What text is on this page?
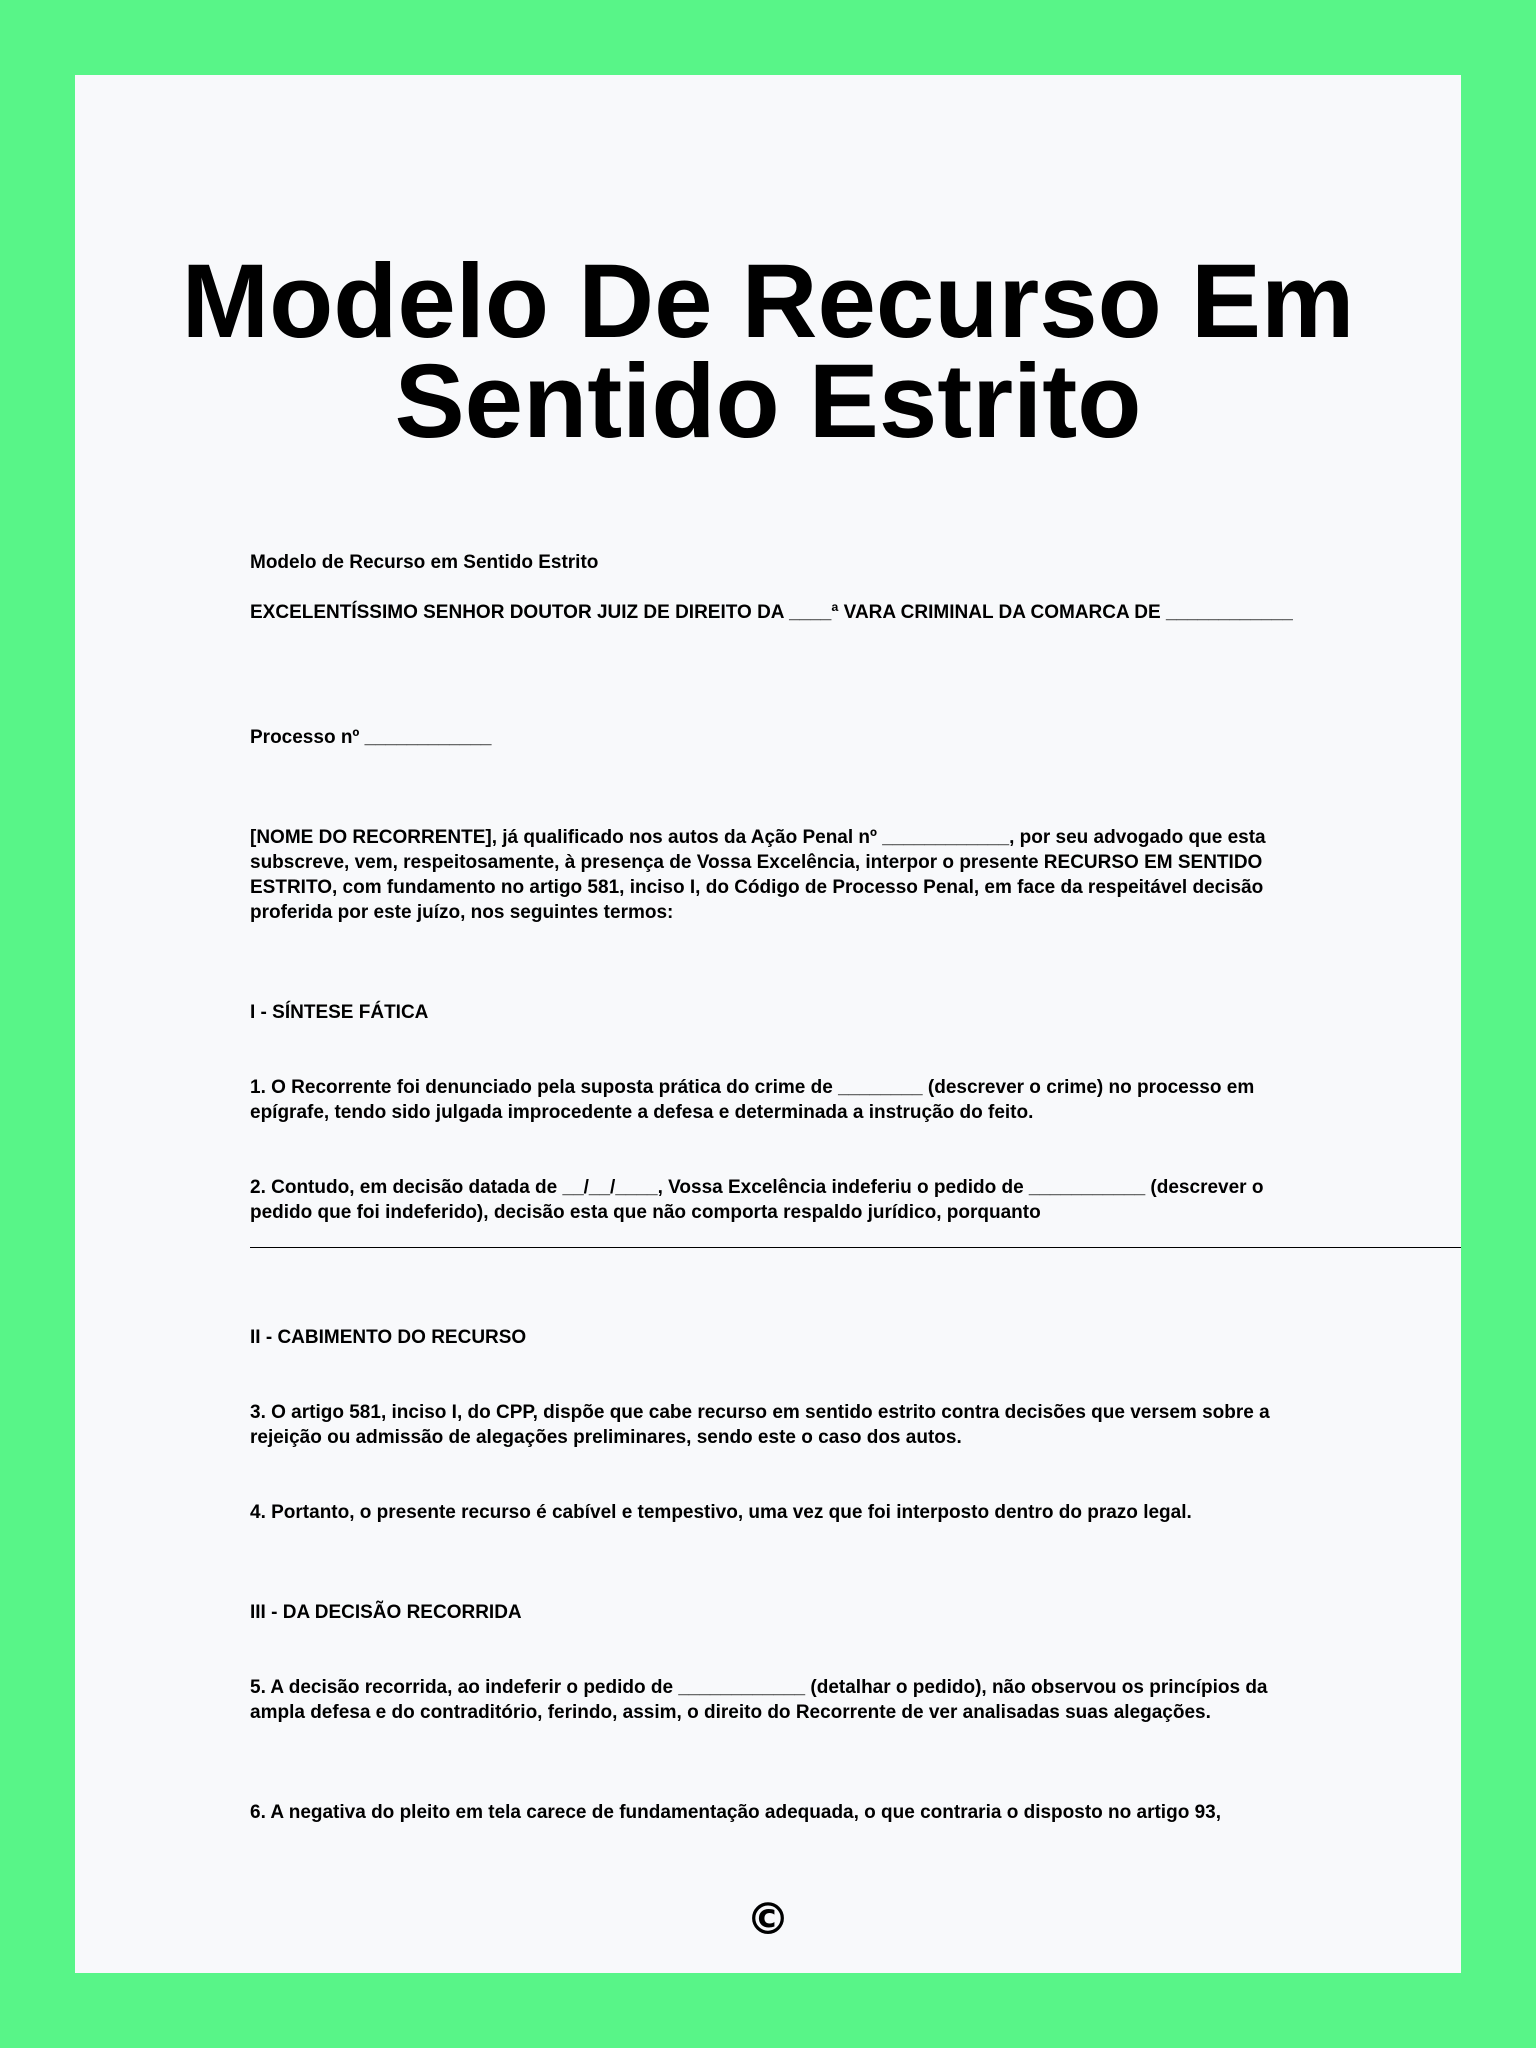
Modelo De Recurso Em Sentido Estrito

Modelo de Recurso em Sentido Estrito

EXCELENTÍSSIMO SENHOR DOUTOR JUIZ DE DIREITO DA ____ª VARA CRIMINAL DA COMARCA DE ____________

Processo nº ____________

[NOME DO RECORRENTE], já qualificado nos autos da Ação Penal nº ____________, por seu advogado que esta subscreve, vem, respeitosamente, à presença de Vossa Excelência, interpor o presente RECURSO EM SENTIDO ESTRITO, com fundamento no artigo 581, inciso I, do Código de Processo Penal, em face da respeitável decisão proferida por este juízo, nos seguintes termos:

I - SÍNTESE FÁTICA

1. O Recorrente foi denunciado pela suposta prática do crime de ________ (descrever o crime) no processo em epígrafe, tendo sido julgada improcedente a defesa e determinada a instrução do feito.

2. Contudo, em decisão datada de __/__/____, Vossa Excelência indeferiu o pedido de ___________ (descrever o pedido que foi indeferido), decisão esta que não comporta respaldo jurídico, porquanto

II - CABIMENTO DO RECURSO

3. O artigo 581, inciso I, do CPP, dispõe que cabe recurso em sentido estrito contra decisões que versem sobre a rejeição ou admissão de alegações preliminares, sendo este o caso dos autos.

4. Portanto, o presente recurso é cabível e tempestivo, uma vez que foi interposto dentro do prazo legal.

III - DA DECISÃO RECORRIDA

5. A decisão recorrida, ao indeferir o pedido de ____________ (detalhar o pedido), não observou os princípios da ampla defesa e do contraditório, ferindo, assim, o direito do Recorrente de ver analisadas suas alegações.

6. A negativa do pleito em tela carece de fundamentação adequada, o que contraria o disposto no artigo 93,

©
